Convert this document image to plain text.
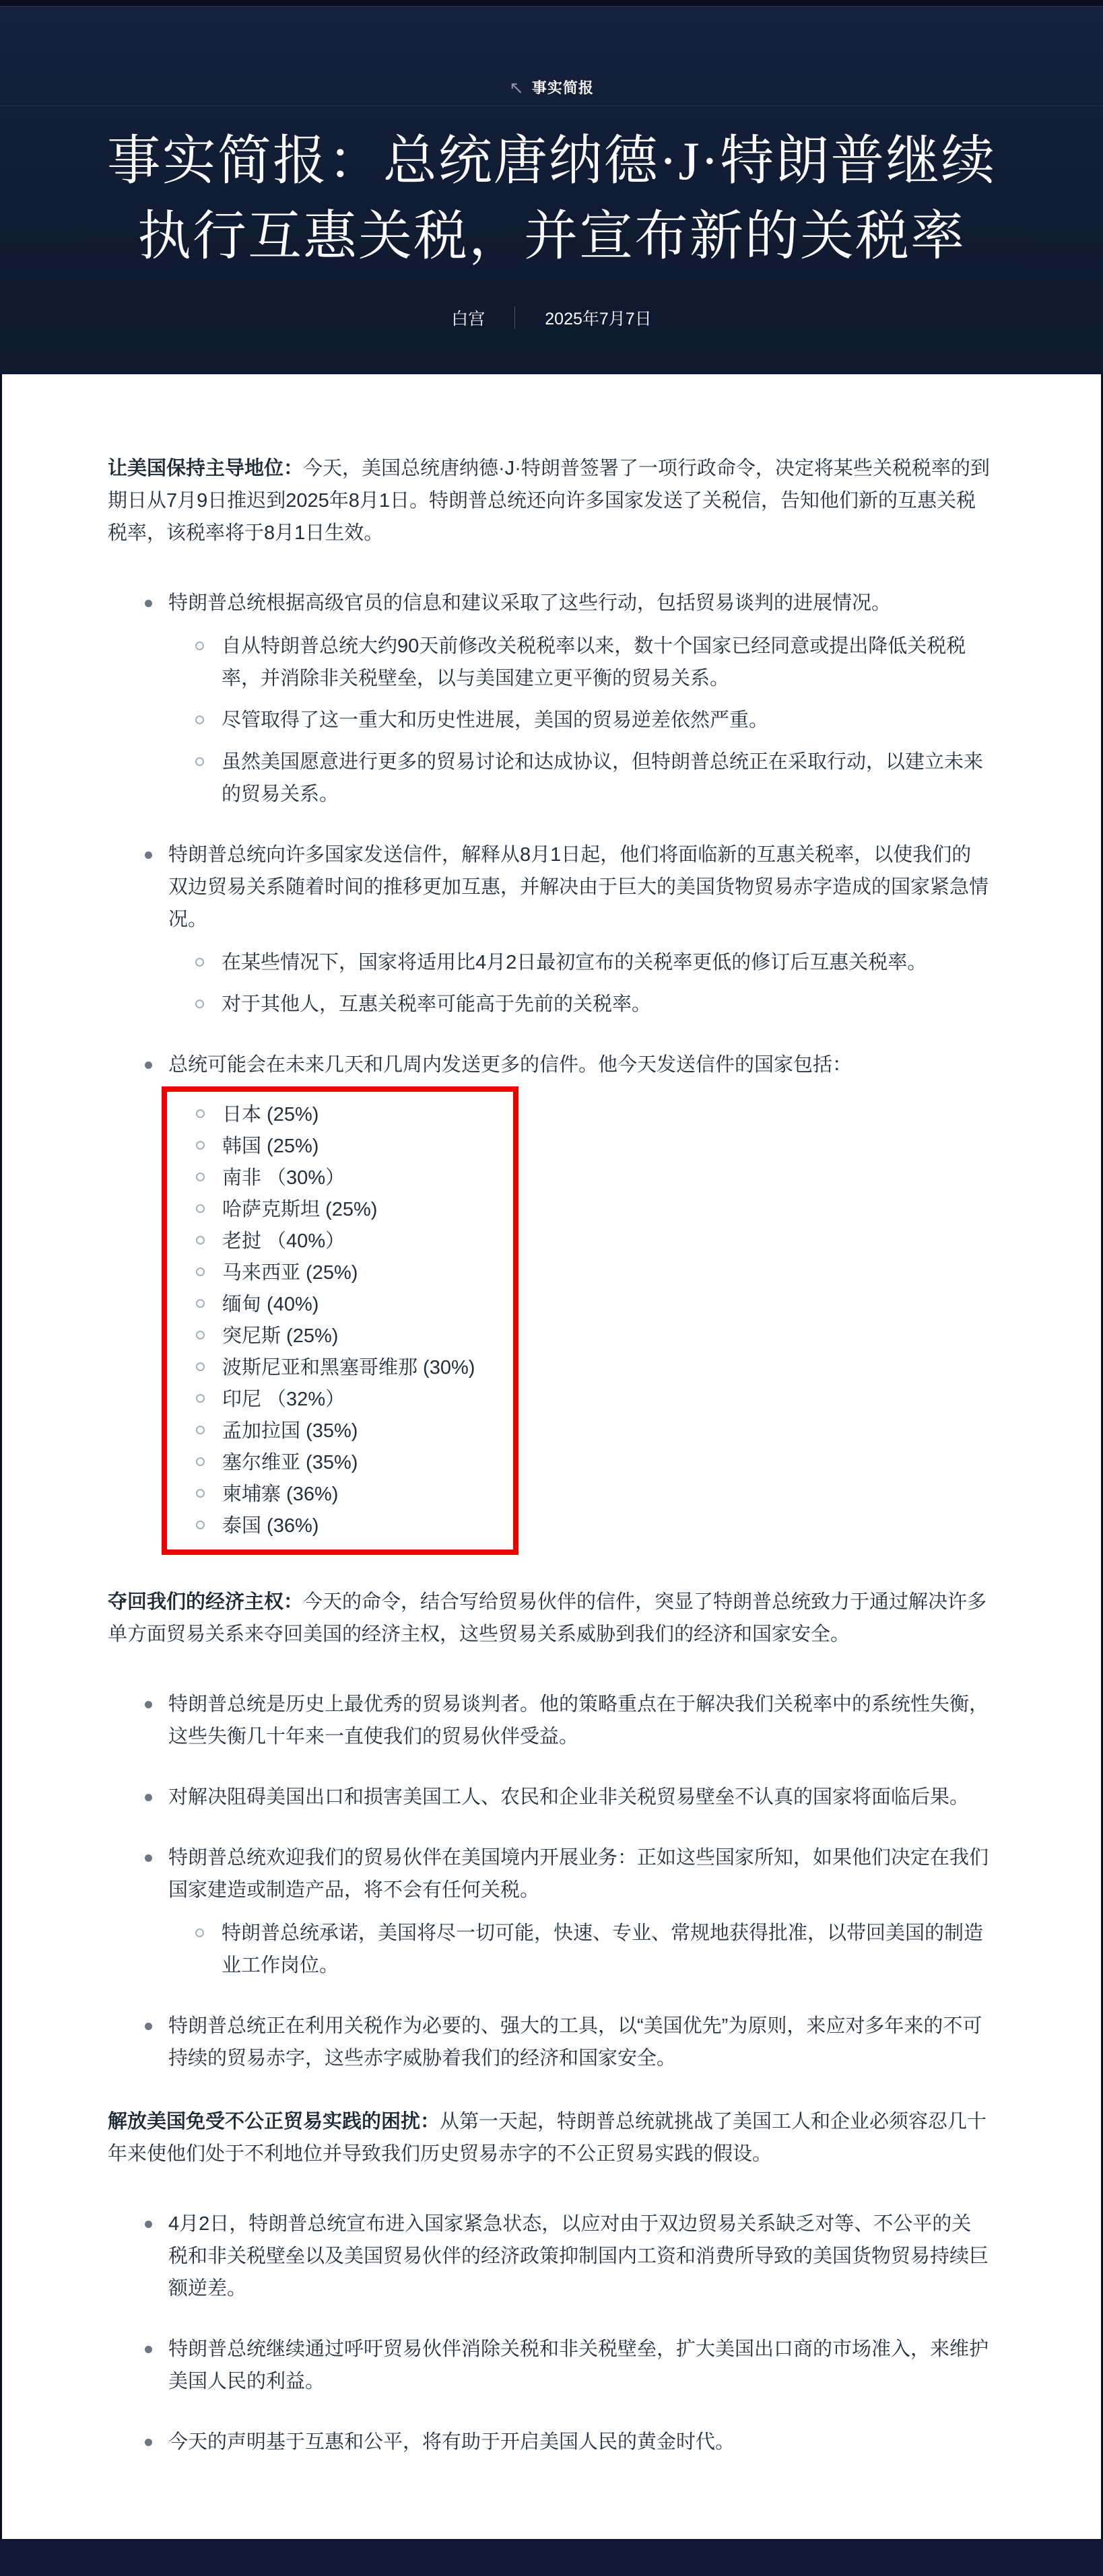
↖ 事实简报
事实简报：总统唐纳德·J·特朗普继续
执行互惠关税，并宣布新的关税率
白宫	2025年7月7日

让美国保持主导地位：今天，美国总统唐纳德·J·特朗普签署了一项行政命令，决定将某些关税税率的到期日从7月9日推迟到2025年8月1日。特朗普总统还向许多国家发送了关税信，告知他们新的互惠关税税率，该税率将于8月1日生效。

特朗普总统根据高级官员的信息和建议采取了这些行动，包括贸易谈判的进展情况。
自从特朗普总统大约90天前修改关税税率以来，数十个国家已经同意或提出降低关税税率，并消除非关税壁垒，以与美国建立更平衡的贸易关系。
尽管取得了这一重大和历史性进展，美国的贸易逆差依然严重。
虽然美国愿意进行更多的贸易讨论和达成协议，但特朗普总统正在采取行动，以建立未来的贸易关系。
特朗普总统向许多国家发送信件，解释从8月1日起，他们将面临新的互惠关税率，以使我们的双边贸易关系随着时间的推移更加互惠，并解决由于巨大的美国货物贸易赤字造成的国家紧急情况。
在某些情况下，国家将适用比4月2日最初宣布的关税率更低的修订后互惠关税率。
对于其他人，互惠关税率可能高于先前的关税率。
总统可能会在未来几天和几周内发送更多的信件。他今天发送信件的国家包括：
日本 (25%)
韩国 (25%)
南非 （30%）
哈萨克斯坦 (25%)
老挝 （40%）
马来西亚 (25%)
缅甸 (40%)
突尼斯 (25%)
波斯尼亚和黑塞哥维那 (30%)
印尼 （32%）
孟加拉国 (35%)
塞尔维亚 (35%)
柬埔寨 (36%)
泰国 (36%)

夺回我们的经济主权：今天的命令，结合写给贸易伙伴的信件，突显了特朗普总统致力于通过解决许多单方面贸易关系来夺回美国的经济主权，这些贸易关系威胁到我们的经济和国家安全。

特朗普总统是历史上最优秀的贸易谈判者。他的策略重点在于解决我们关税率中的系统性失衡，这些失衡几十年来一直使我们的贸易伙伴受益。
对解决阻碍美国出口和损害美国工人、农民和企业非关税贸易壁垒不认真的国家将面临后果。
特朗普总统欢迎我们的贸易伙伴在美国境内开展业务：正如这些国家所知，如果他们决定在我们国家建造或制造产品，将不会有任何关税。
特朗普总统承诺，美国将尽一切可能，快速、专业、常规地获得批准，以带回美国的制造业工作岗位。
特朗普总统正在利用关税作为必要的、强大的工具，以“美国优先”为原则，来应对多年来的不可持续的贸易赤字，这些赤字威胁着我们的经济和国家安全。

解放美国免受不公正贸易实践的困扰：从第一天起，特朗普总统就挑战了美国工人和企业必须容忍几十年来使他们处于不利地位并导致我们历史贸易赤字的不公正贸易实践的假设。

4月2日，特朗普总统宣布进入国家紧急状态，以应对由于双边贸易关系缺乏对等、不公平的关税和非关税壁垒以及美国贸易伙伴的经济政策抑制国内工资和消费所导致的美国货物贸易持续巨额逆差。
特朗普总统继续通过呼吁贸易伙伴消除关税和非关税壁垒，扩大美国出口商的市场准入，来维护美国人民的利益。
今天的声明基于互惠和公平，将有助于开启美国人民的黄金时代。
